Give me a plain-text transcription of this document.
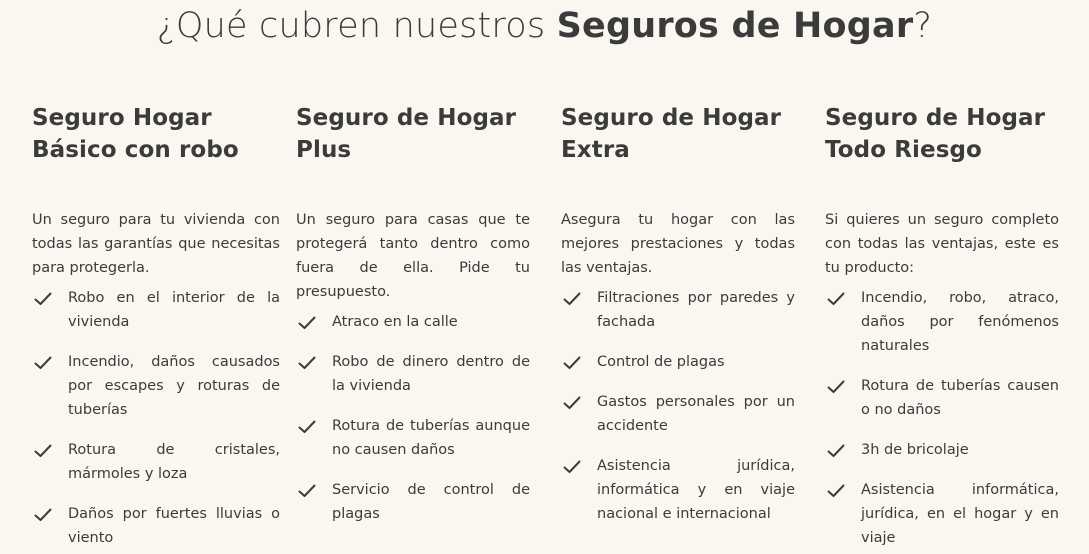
¿Qué cubren nuestros Seguros de Hogar?
Seguro Hogar Básico con robo

Un seguro para tu vivienda con todas las garantías que necesitas para protegerla.

Robo en el interior de la vivienda
Incendio, daños causados por escapes y roturas de tuberías
Rotura de cristales, mármoles y loza
Daños por fuertes lluvias o viento
Seguro de Hogar Plus

Un seguro para casas que te protegerá tanto dentro como fuera de ella. Pide tu presupuesto.

Atraco en la calle
Robo de dinero dentro de la vivienda
Rotura de tuberías aunque no causen daños
Servicio de control de plagas
Seguro de Hogar Extra

Asegura tu hogar con las mejores prestaciones y todas las ventajas.

Filtraciones por paredes y fachada
Control de plagas
Gastos personales por un accidente
Asistencia jurídica, informática y en viaje nacional e internacional
Seguro de Hogar Todo Riesgo

Si quieres un seguro completo con todas las ventajas, este es tu producto:

Incendio, robo, atraco, daños por fenómenos naturales
Rotura de tuberías causen o no daños
3h de bricolaje
Asistencia informática, jurídica, en el hogar y en viaje
